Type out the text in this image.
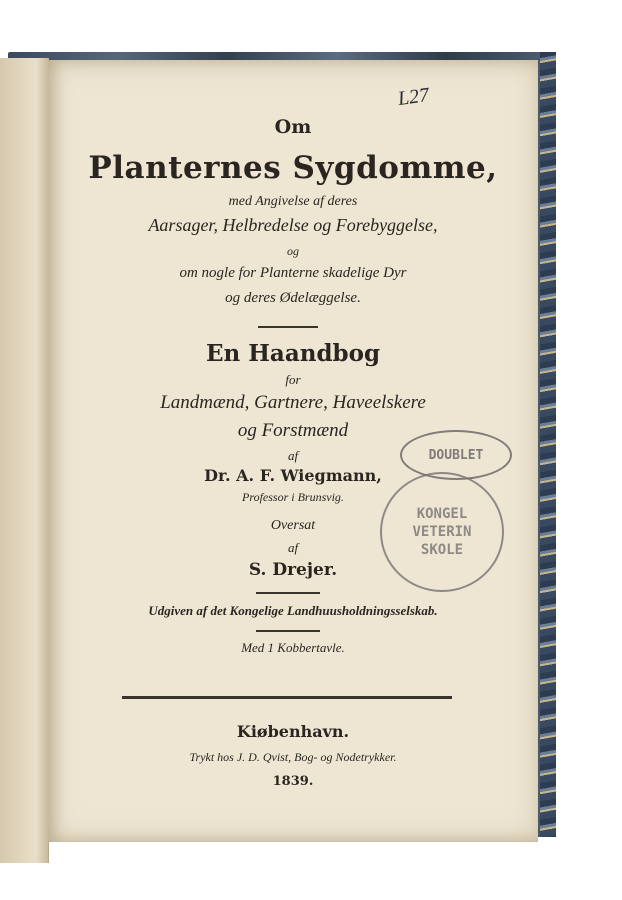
L27
Om
Planternes Sygdomme,
med Angivelse af deres
Aarsager, Helbredelse og Forebyggelse,
og
om nogle for Planterne skadelige Dyr
og deres Ødelæggelse.
En Haandbog
for
Landmænd, Gartnere, Haveelskere
og Forstmænd
af
Dr. A. F. Wiegmann,
Professor i Brunsvig.
Oversat
af
S. Drejer.
Udgiven af det Kongelige Landhuusholdningsselskab.
Med 1 Kobbertavle.
Kiøbenhavn.
Trykt hos J. D. Qvist, Bog- og Nodetrykker.
1839.
DOUBLET
KONGEL
VETERIN
SKOLE
